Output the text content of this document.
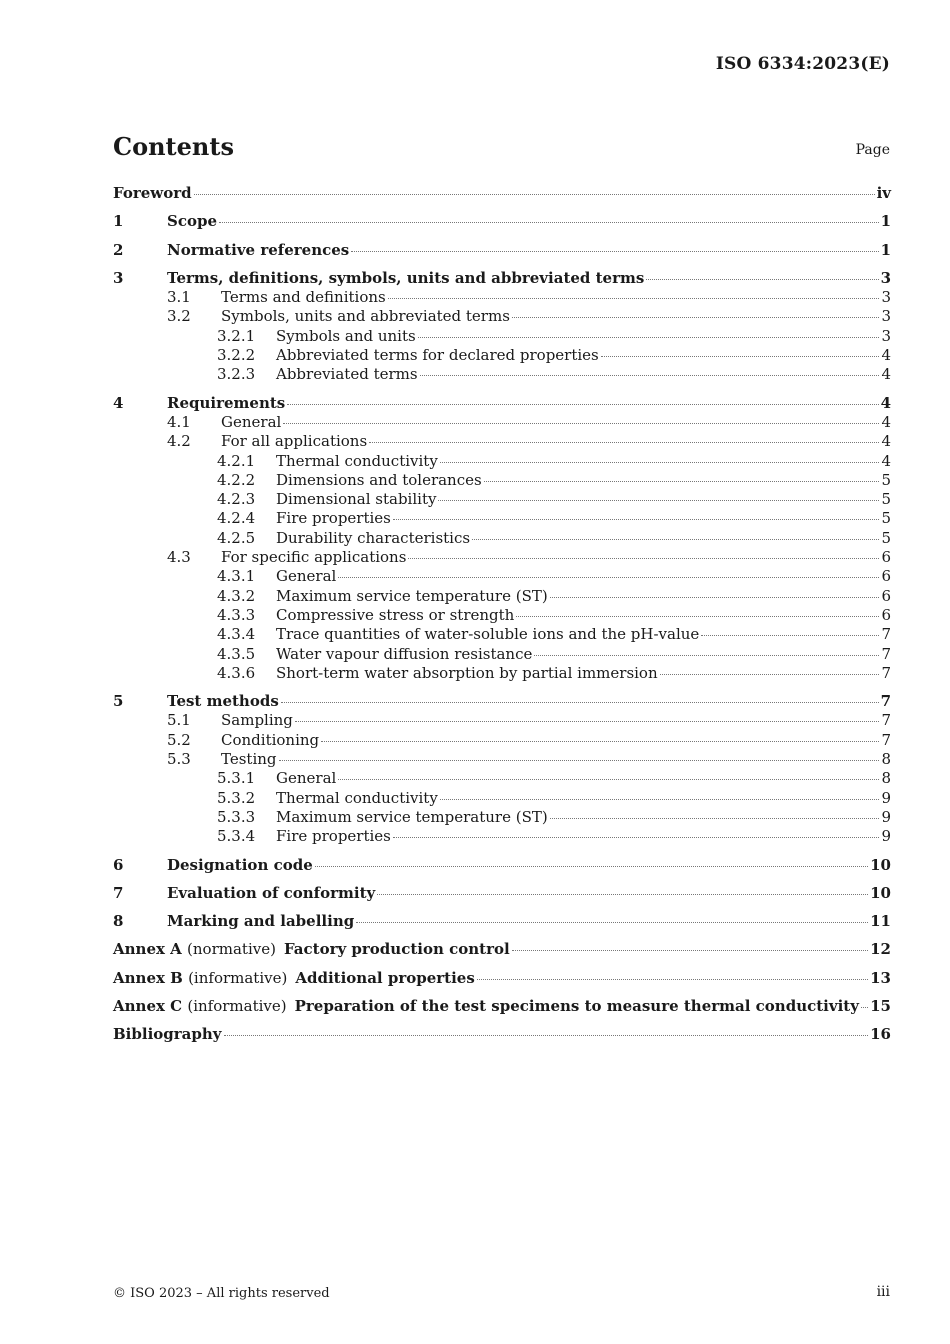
ISO 6334:2023(E)
Contents	Page
Foreword	iv
1	Scope	1
2	Normative references	1
3	Terms, definitions, symbols, units and abbreviated terms	3
3.1	Terms and definitions	3
3.2	Symbols, units and abbreviated terms	3
3.2.1	Symbols and units	3
3.2.2	Abbreviated terms for declared properties	4
3.2.3	Abbreviated terms	4
4	Requirements	4
4.1	General	4
4.2	For all applications	4
4.2.1	Thermal conductivity	4
4.2.2	Dimensions and tolerances	5
4.2.3	Dimensional stability	5
4.2.4	Fire properties	5
4.2.5	Durability characteristics	5
4.3	For specific applications	6
4.3.1	General	6
4.3.2	Maximum service temperature (ST)	6
4.3.3	Compressive stress or strength	6
4.3.4	Trace quantities of water-soluble ions and the pH-value	7
4.3.5	Water vapour diffusion resistance	7
4.3.6	Short-term water absorption by partial immersion	7
5	Test methods	7
5.1	Sampling	7
5.2	Conditioning	7
5.3	Testing	8
5.3.1	General	8
5.3.2	Thermal conductivity	9
5.3.3	Maximum service temperature (ST)	9
5.3.4	Fire properties	9
6	Designation code	10
7	Evaluation of conformity	10
8	Marking and labelling	11
Annex A (normative) Factory production control	12
Annex B (informative) Additional properties	13
Annex C (informative) Preparation of the test specimens to measure thermal conductivity 15
Bibliography	16
© ISO 2023 – All rights reserved	iii
